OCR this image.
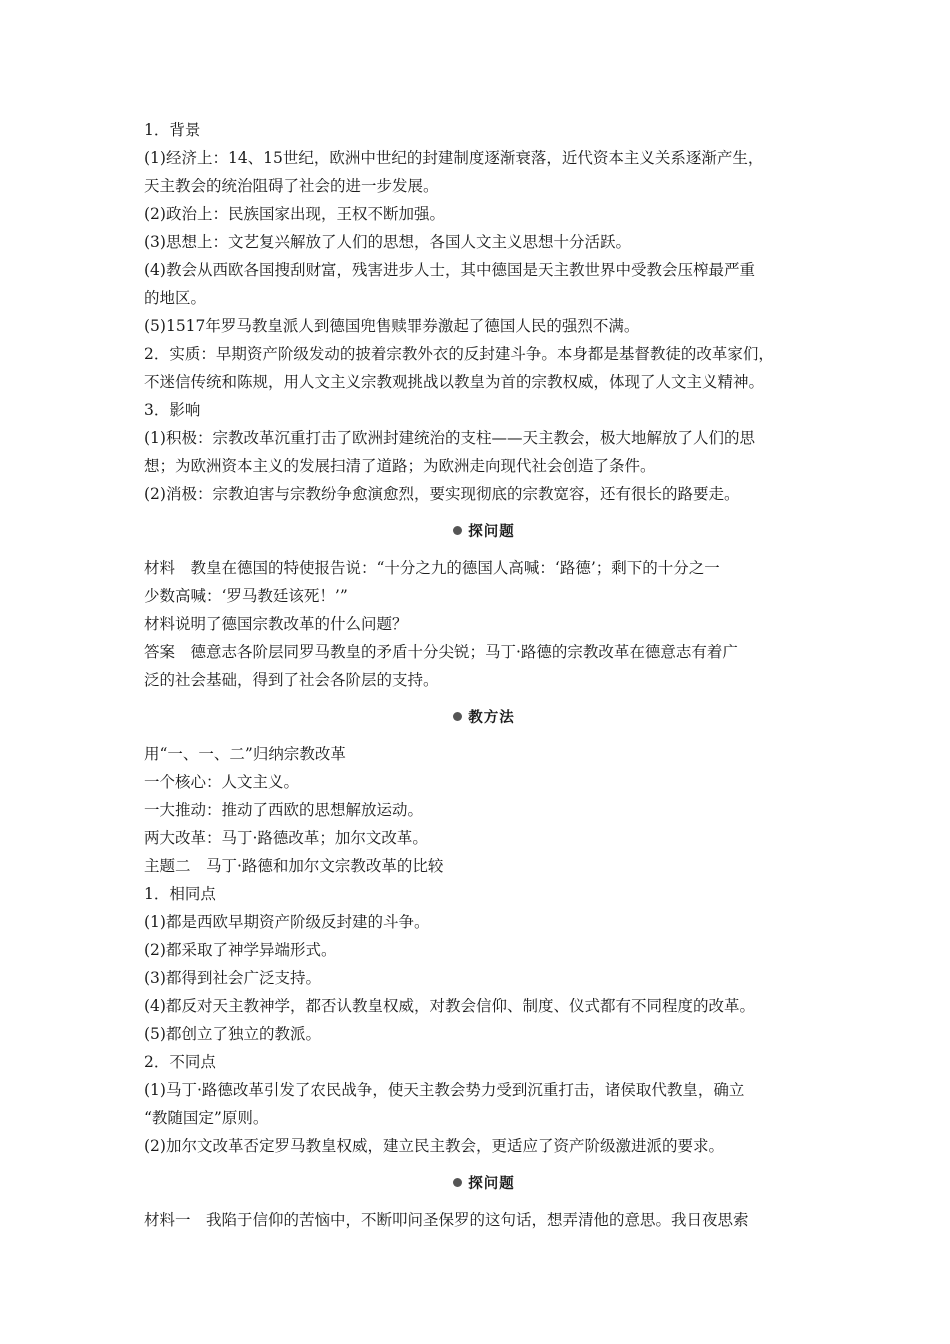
1．背景
(1)经济上：14、15世纪，欧洲中世纪的封建制度逐渐衰落，近代资本主义关系逐渐产生，
天主教会的统治阻碍了社会的进一步发展。
(2)政治上：民族国家出现，王权不断加强。
(3)思想上：文艺复兴解放了人们的思想，各国人文主义思想十分活跃。
(4)教会从西欧各国搜刮财富，残害进步人士，其中德国是天主教世界中受教会压榨最严重
的地区。
(5)1517年罗马教皇派人到德国兜售赎罪券激起了德国人民的强烈不满。
2．实质：早期资产阶级发动的披着宗教外衣的反封建斗争。本身都是基督教徒的改革家们，
不迷信传统和陈规，用人文主义宗教观挑战以教皇为首的宗教权威，体现了人文主义精神。
3．影响
(1)积极：宗教改革沉重打击了欧洲封建统治的支柱——天主教会，极大地解放了人们的思
想；为欧洲资本主义的发展扫清了道路；为欧洲走向现代社会创造了条件。
(2)消极：宗教迫害与宗教纷争愈演愈烈，要实现彻底的宗教宽容，还有很长的路要走。
探问题
材料　教皇在德国的特使报告说：“十分之九的德国人高喊：‘路德’；剩下的十分之一
少数高喊：‘罗马教廷该死！’”
材料说明了德国宗教改革的什么问题？
答案　德意志各阶层同罗马教皇的矛盾十分尖锐；马丁·路德的宗教改革在德意志有着广
泛的社会基础，得到了社会各阶层的支持。
教方法
用“一、一、二”归纳宗教改革
一个核心：人文主义。
一大推动：推动了西欧的思想解放运动。
两大改革：马丁·路德改革；加尔文改革。
主题二　马丁·路德和加尔文宗教改革的比较
1．相同点
(1)都是西欧早期资产阶级反封建的斗争。
(2)都采取了神学异端形式。
(3)都得到社会广泛支持。
(4)都反对天主教神学，都否认教皇权威，对教会信仰、制度、仪式都有不同程度的改革。
(5)都创立了独立的教派。
2．不同点
(1)马丁·路德改革引发了农民战争，使天主教会势力受到沉重打击，诸侯取代教皇，确立
“教随国定”原则。
(2)加尔文改革否定罗马教皇权威，建立民主教会，更适应了资产阶级激进派的要求。
探问题
材料一　我陷于信仰的苦恼中，不断叩问圣保罗的这句话，想弄清他的意思。我日夜思索
